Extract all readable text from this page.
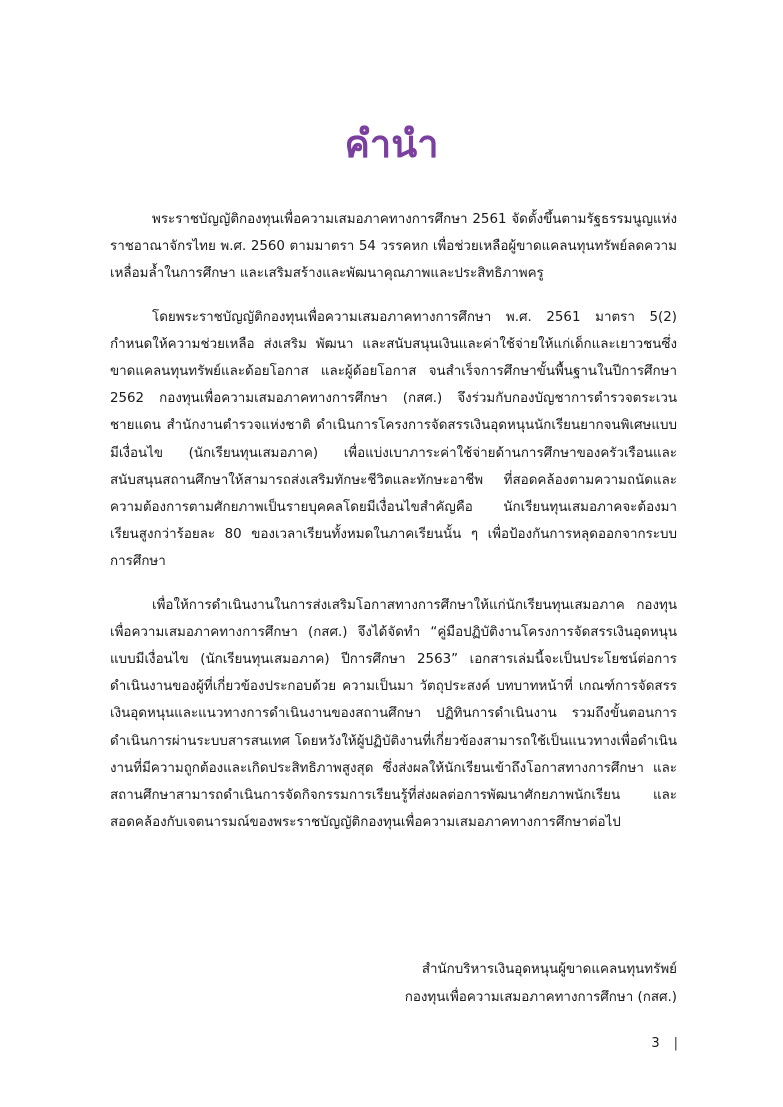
คำนำ

พระราชบัญญัติกองทุนเพื่อความเสมอภาคทางการศึกษา 2561 จัดตั้งขึ้นตามรัฐธรรมนูญแห่งราชอาณาจักรไทย พ.ศ. 2560 ตามมาตรา 54 วรรคหก เพื่อช่วยเหลือผู้ขาดแคลนทุนทรัพย์ลดความเหลื่อมล้ำในการศึกษา และเสริมสร้างและพัฒนาคุณภาพและประสิทธิภาพครู

โดยพระราชบัญญัติกองทุนเพื่อความเสมอภาคทางการศึกษา พ.ศ. 2561 มาตรา 5(2) กำหนดให้ความช่วยเหลือ ส่งเสริม พัฒนา และสนับสนุนเงินและค่าใช้จ่ายให้แก่เด็กและเยาวชนซึ่งขาดแคลนทุนทรัพย์และด้อยโอกาส และผู้ด้อยโอกาส จนสำเร็จการศึกษาขั้นพื้นฐานในปีการศึกษา 2562 กองทุนเพื่อความเสมอภาคทางการศึกษา (กสศ.) จึงร่วมกับกองบัญชาการตำรวจตระเวนชายแดน สำนักงานตำรวจแห่งชาติ ดำเนินการโครงการจัดสรรเงินอุดหนุนนักเรียนยากจนพิเศษแบบมีเงื่อนไข (นักเรียนทุนเสมอภาค) เพื่อแบ่งเบาภาระค่าใช้จ่ายด้านการศึกษาของครัวเรือนและสนับสนุนสถานศึกษาให้สามารถส่งเสริมทักษะชีวิตและทักษะอาชีพ ที่สอดคล้องตามความถนัดและความต้องการตามศักยภาพเป็นรายบุคคลโดยมีเงื่อนไขสำคัญคือ นักเรียนทุนเสมอภาคจะต้องมาเรียนสูงกว่าร้อยละ 80 ของเวลาเรียนทั้งหมดในภาคเรียนนั้น ๆ เพื่อป้องกันการหลุดออกจากระบบการศึกษา

เพื่อให้การดำเนินงานในการส่งเสริมโอกาสทางการศึกษาให้แก่นักเรียนทุนเสมอภาค กองทุนเพื่อความเสมอภาคทางการศึกษา (กสศ.) จึงได้จัดทำ “คู่มือปฏิบัติงานโครงการจัดสรรเงินอุดหนุนแบบมีเงื่อนไข (นักเรียนทุนเสมอภาค) ปีการศึกษา 2563” เอกสารเล่มนี้จะเป็นประโยชน์ต่อการดำเนินงานของผู้ที่เกี่ยวข้องประกอบด้วย ความเป็นมา วัตถุประสงค์ บทบาทหน้าที่ เกณฑ์การจัดสรรเงินอุดหนุนและแนวทางการดำเนินงานของสถานศึกษา ปฏิทินการดำเนินงาน รวมถึงขั้นตอนการดำเนินการผ่านระบบสารสนเทศ โดยหวังให้ผู้ปฏิบัติงานที่เกี่ยวข้องสามารถใช้เป็นแนวทางเพื่อดำเนินงานที่มีความถูกต้องและเกิดประสิทธิภาพสูงสุด ซึ่งส่งผลให้นักเรียนเข้าถึงโอกาสทางการศึกษา และสถานศึกษาสามารถดำเนินการจัดกิจกรรมการเรียนรู้ที่ส่งผลต่อการพัฒนาศักยภาพนักเรียน และสอดคล้องกับเจตนารมณ์ของพระราชบัญญัติกองทุนเพื่อความเสมอภาคทางการศึกษาต่อไป

สำนักบริหารเงินอุดหนุนผู้ขาดแคลนทุนทรัพย์
กองทุนเพื่อความเสมอภาคทางการศึกษา (กสศ.)
3 |
